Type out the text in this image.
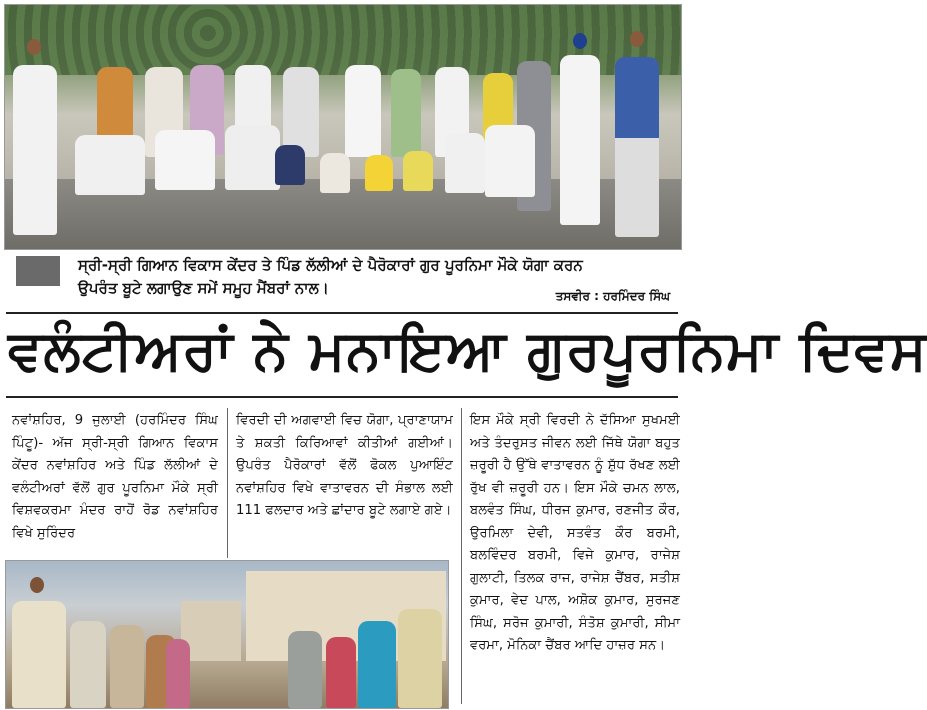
ਸ੍ਰੀ-ਸ੍ਰੀ ਗਿਆਨ ਵਿਕਾਸ ਕੇਂਦਰ ਤੇ ਪਿੰਡ ਲੱਲੀਆਂ ਦੇ ਪੈਰੋਕਾਰਾਂ ਗੁਰ ਪੂਰਨਿਮਾ ਮੌਕੇ ਯੋਗਾ ਕਰਨ
ਉਪਰੰਤ ਬੂਟੇ ਲਗਾਉਣ ਸਮੇਂ ਸਮੂਹ ਮੈਂਬਰਾਂ ਨਾਲ।	ਤਸਵੀਰ : ਹਰਮਿੰਦਰ ਸਿੰਘ
ਵਲੰਟੀਅਰਾਂ ਨੇ ਮਨਾਇਆ ਗੁਰਪੂਰਨਿਮਾ ਦਿਵਸ
ਨਵਾਂਸ਼ਹਿਰ, 9 ਜੁਲਾਈ (ਹਰਮਿੰਦਰ ਸਿੰਘ ਪਿੰਟੂ)- ਅੱਜ ਸ੍ਰੀ-ਸ੍ਰੀ ਗਿਆਨ ਵਿਕਾਸ ਕੇਂਦਰ ਨਵਾਂਸ਼ਹਿਰ ਅਤੇ ਪਿੰਡ ਲੱਲੀਆਂ ਦੇ ਵਲੰਟੀਅਰਾਂ ਵੱਲੋਂ ਗੁਰ ਪੂਰਨਿਮਾ ਮੌਕੇ ਸ੍ਰੀ ਵਿਸ਼ਵਕਰਮਾ ਮੰਦਰ ਰਾਹੋਂ ਰੋਡ ਨਵਾਂਸ਼ਹਿਰ ਵਿਖੇ ਸੁਰਿੰਦਰ
ਵਿਰਦੀ ਦੀ ਅਗਵਾਈ ਵਿਚ ਯੋਗਾ, ਪ੍ਰਾਣਾਯਾਮ ਤੇ ਸ਼ਕਤੀ ਕਿਰਿਆਵਾਂ ਕੀਤੀਆਂ ਗਈਆਂ। ਉਪਰੰਤ ਪੈਰੋਕਾਰਾਂ ਵੱਲੋਂ ਫੋਕਲ ਪੁਆਇੰਟ ਨਵਾਂਸ਼ਹਿਰ ਵਿਖੇ ਵਾਤਾਵਰਨ ਦੀ ਸੰਭਾਲ ਲਈ 111 ਫਲਦਾਰ ਅਤੇ ਛਾਂਦਾਰ ਬੂਟੇ ਲਗਾਏ ਗਏ।
ਇਸ ਮੌਕੇ ਸ੍ਰੀ ਵਿਰਦੀ ਨੇ ਦੱਸਿਆ ਸੁਖਮਈ ਅਤੇ ਤੰਦਰੁਸਤ ਜੀਵਨ ਲਈ ਜਿੱਥੇ ਯੋਗਾ ਬਹੁਤ ਜ਼ਰੂਰੀ ਹੈ ਉੱਥੇ ਵਾਤਾਵਰਨ ਨੂੰ ਸ਼ੁੱਧ ਰੱਖਣ ਲਈ ਰੁੱਖ ਵੀ ਜ਼ਰੂਰੀ ਹਨ। ਇਸ ਮੌਕੇ ਚਮਨ ਲਾਲ, ਬਲਵੰਤ ਸਿੰਘ, ਧੀਰਜ ਕੁਮਾਰ, ਰਣਜੀਤ ਕੌਰ, ਉਰਮਿਲਾ ਦੇਵੀ, ਸਤਵੰਤ ਕੌਰ ਬਰਮੀ, ਬਲਵਿੰਦਰ ਬਰਮੀ, ਵਿਜੇ ਕੁਮਾਰ, ਰਾਜੇਸ਼ ਗੁਲਾਟੀ, ਤਿਲਕ ਰਾਜ, ਰਾਜੇਸ਼ ਚੈਂਬਰ, ਸਤੀਸ਼ ਕੁਮਾਰ, ਵੇਦ ਪਾਲ, ਅਸ਼ੋਕ ਕੁਮਾਰ, ਸੁਰਜਣ ਸਿੰਘ, ਸਰੋਜ ਕੁਮਾਰੀ, ਸੰਤੋਸ਼ ਕੁਮਾਰੀ, ਸੀਮਾ ਵਰਮਾ, ਮੋਨਿਕਾ ਚੈਂਬਰ ਆਦਿ ਹਾਜ਼ਰ ਸਨ।
